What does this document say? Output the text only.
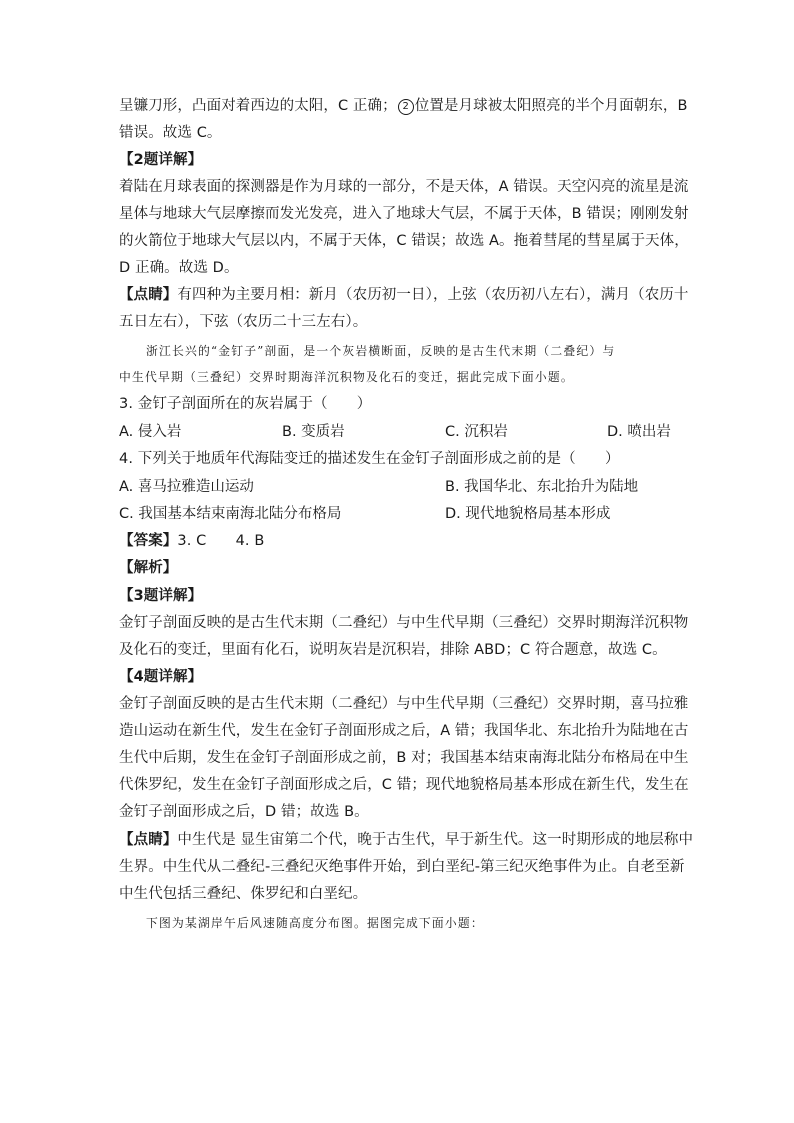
呈镰刀形，凸面对着西边的太阳，C 正确； 2 位置是月球被太阳照亮的半个月面朝东，B
错误。故选 C。
【2题详解】
着陆在月球表面的探测器是作为月球的一部分，不是天体，A 错误。天空闪亮的流星是流
星体与地球大气层摩擦而发光发亮，进入了地球大气层，不属于天体，B 错误；刚刚发射
的火箭位于地球大气层以内，不属于天体，C 错误；故选 A。拖着彗尾的彗星属于天体，
D 正确。故选 D。
【点睛】有四种为主要月相：新月（农历初一日），上弦（农历初八左右），满月（农历十
五日左右），下弦（农历二十三左右）。
浙江长兴的“金钉子”剖面，是一个灰岩横断面，反映的是古生代末期（二叠纪）与
中生代早期（三叠纪）交界时期海洋沉积物及化石的变迁，据此完成下面小题。
3. 金钉子剖面所在的灰岩属于（　　）
A. 侵入岩	B. 变质岩	C. 沉积岩	D. 喷出岩
4. 下列关于地质年代海陆变迁的描述发生在金钉子剖面形成之前的是（　　）
A. 喜马拉雅造山运动	B. 我国华北、东北抬升为陆地
C. 我国基本结束南海北陆分布格局	D. 现代地貌格局基本形成
【答案】3. C　　4. B
【解析】
【3题详解】
金钉子剖面反映的是古生代末期（二叠纪）与中生代早期（三叠纪）交界时期海洋沉积物
及化石的变迁，里面有化石，说明灰岩是沉积岩，排除 ABD；C 符合题意，故选 C。
【4题详解】
金钉子剖面反映的是古生代末期（二叠纪）与中生代早期（三叠纪）交界时期，喜马拉雅
造山运动在新生代，发生在金钉子剖面形成之后，A 错；我国华北、东北抬升为陆地在古
生代中后期，发生在金钉子剖面形成之前，B 对；我国基本结束南海北陆分布格局在中生
代侏罗纪，发生在金钉子剖面形成之后，C 错；现代地貌格局基本形成在新生代，发生在
金钉子剖面形成之后，D 错；故选 B。
【点睛】中生代是 显生宙第二个代，晚于古生代，早于新生代。这一时期形成的地层称中
生界。中生代从二叠纪-三叠纪灭绝事件开始，到白垩纪-第三纪灭绝事件为止。自老至新
中生代包括三叠纪、侏罗纪和白垩纪。
下图为某湖岸午后风速随高度分布图。据图完成下面小题：
